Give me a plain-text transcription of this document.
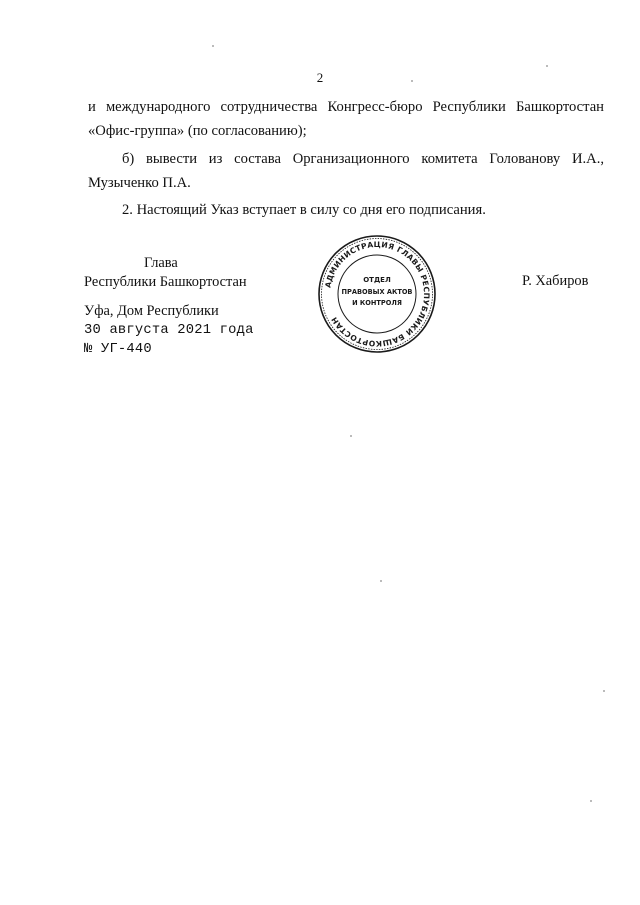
2

и международного сотрудничества Конгресс-бюро Республики Башкортостан

«Офис-группа» (по согласованию);

б) вывести из состава Организационного комитета Голованову И.А.,

Музыченко П.А.

2. Настоящий Указ вступает в силу со дня его подписания.

Глава
Республики Башкортостан	Р. Хабиров
Уфа, Дом Республики
30 августа 2021 года
№ УГ-440
АДМИНИСТРАЦИЯ ГЛАВЫ РЕСПУБЛИКИ БАШКОРТОСТАН
ОТДЕЛ
ПРАВОВЫХ АКТОВ
И КОНТРОЛЯ
